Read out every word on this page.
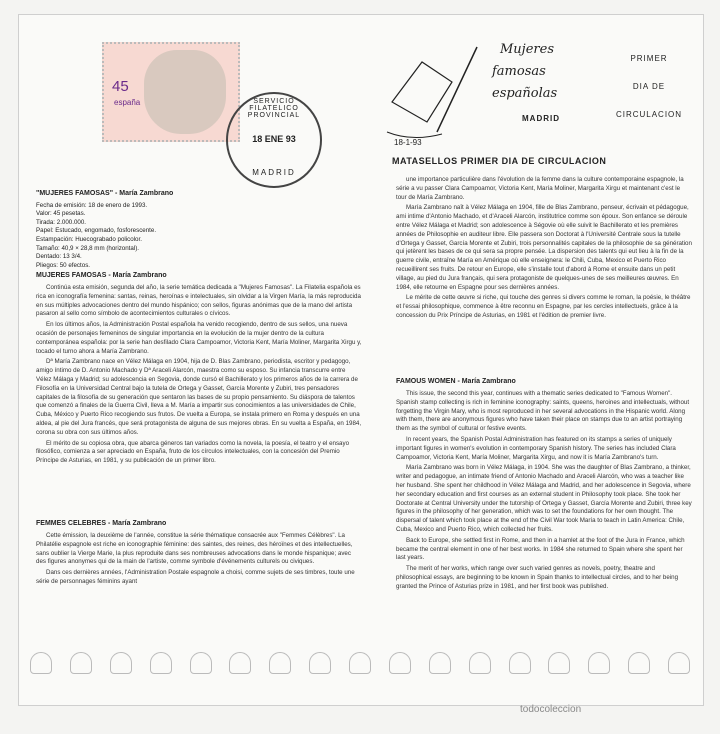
45
españa	SERVICIO FILATELICO PROVINCIAL
18 ENE 93
MADRID
Mujeres
famosas
españolas
MADRID
18-1-93
PRIMER
DIA DE
CIRCULACION
MATASELLOS PRIMER DIA DE CIRCULACION
"MUJERES FAMOSAS" - María Zambrano
Fecha de emisión: 18 de enero de 1993.
Valor: 45 pesetas.
Tirada: 2.000.000.
Papel: Estucado, engomado, fosforescente.
Estampación: Huecograbado policolor.
Tamaño: 40,9 × 28,8 mm (horizontal).
Dentado: 13 3/4.
Pliegos: 50 efectos.
MUJERES FAMOSAS - María Zambrano

Continúa esta emisión, segunda del año, la serie temática dedicada a "Mujeres Famosas". La Filatelia española es rica en iconografía femenina: santas, reinas, heroínas e intelectuales, sin olvidar a la Virgen María, la más reproducida en sus múltiples advocaciones dentro del mundo hispánico; con sellos, figuras anónimas que de la mano del artista pasaron al sello como símbolo de acontecimientos culturales o cívicos.

En los últimos años, la Administración Postal española ha venido recogiendo, dentro de sus sellos, una nueva ocasión de personajes femeninos de singular importancia en la evolución de la mujer dentro de la cultura contemporánea española: por la serie han desfilado Clara Campoamor, Victoria Kent, María Moliner, Margarita Xirgu y, tocado el turno ahora a María Zambrano.

Dª María Zambrano nace en Vélez Málaga en 1904, hija de D. Blas Zambrano, periodista, escritor y pedagogo, amigo íntimo de D. Antonio Machado y Dª Araceli Alarcón, maestra como su esposo. Su infancia transcurre entre Vélez Málaga y Madrid; su adolescencia en Segovia, donde cursó el Bachillerato y los primeros años de la carrera de Filosofía en la Universidad Central bajo la tutela de Ortega y Gasset, García Morente y Zubiri, tres pensadores capitales de la filosofía de su generación que sentaron las bases de su propio pensamiento. Su diáspora de talentos que comenzó a finales de la Guerra Civil, lleva a M. María a impartir sus conocimientos a las universidades de Chile, Cuba, México y Puerto Rico recogiendo sus frutos. De vuelta a Europa, se instala primero en Roma y después en una aldea, al pie del Jura francés, que será protagonista de alguna de sus mejores obras. En su vuelta a España, en 1984, corona su obra con sus últimos años.

El mérito de su copiosa obra, que abarca géneros tan variados como la novela, la poesía, el teatro y el ensayo filosófico, comienza a ser apreciado en España, fruto de los círculos intelectuales, con la concesión del Premio Príncipe de Asturias, en 1981, y su publicación de un primer libro.

FEMMES CELEBRES - María Zambrano

Cette émission, la deuxième de l'année, constitue la série thématique consacrée aux "Femmes Célèbres". La Philatélie espagnole est riche en iconographie féminine: des saintes, des reines, des héroïnes et des intellectuelles, sans oublier la Vierge Marie, la plus reproduite dans ses nombreuses advocations dans le monde hispanique; avec des figures anonymes qui de la main de l'artiste, comme symbole d'événements culturels ou civiques.

Dans ces dernières années, l'Administration Postale espagnole a choisi, comme sujets de ses timbres, toute une série de personnages féminins ayant

une importance particulière dans l'évolution de la femme dans la culture contemporaine espagnole, la série a vu passer Clara Campoamor, Victoria Kent, María Moliner, Margarita Xirgu et maintenant c'est le tour de María Zambrano.

María Zambrano naît à Vélez Málaga en 1904, fille de Blas Zambrano, penseur, écrivain et pédagogue, ami intime d'Antonio Machado, et d'Araceli Alarcón, institutrice comme son époux. Son enfance se déroule entre Vélez Málaga et Madrid; son adolescence à Ségovie où elle suivit le Bachillerato et les premières années de Philosophie en auditeur libre. Elle passera son Doctorat à l'Université Centrale sous la tutelle d'Ortega y Gasset, García Morente et Zubiri, trois personnalités capitales de la philosophie de sa génération qui jetèrent les bases de ce qui sera sa propre pensée. La dispersion des talents qui eut lieu à la fin de la guerre civile, entraîne María en Amérique où elle enseignera: le Chili, Cuba, Mexico et Puerto Rico recueillirent ses fruits. De retour en Europe, elle s'installe tout d'abord à Rome et ensuite dans un petit village, au pied du Jura français, qui sera protagoniste de quelques-unes de ses meilleures œuvres. En 1984, elle retourne en Espagne pour ses dernières années.

Le mérite de cette œuvre si riche, qui touche des genres si divers comme le roman, la poésie, le théâtre et l'essai philosophique, commence à être reconnu en Espagne, par les cercles intellectuels, grâce à la concession du Prix Príncipe de Asturias, en 1981 et l'édition de premier livre.

FAMOUS WOMEN - María Zambrano

This issue, the second this year, continues with a thematic series dedicated to "Famous Women". Spanish stamp collecting is rich in feminine iconography: saints, queens, heroines and intellectuals, without forgetting the Virgin Mary, who is most reproduced in her several advocations in the Hispanic world. Along with them, there are anonymous figures who have taken their place on stamps due to an artist portraying them as the symbol of cultural or festive events.

In recent years, the Spanish Postal Administration has featured on its stamps a series of uniquely important figures in women's evolution in contemporary Spanish history. The series has included Clara Campoamor, Victoria Kent, María Moliner, Margarita Xirgu, and now it is María Zambrano's turn.

María Zambrano was born in Vélez Málaga, in 1904. She was the daughter of Blas Zambrano, a thinker, writer and pedagogue, an intimate friend of Antonio Machado and Araceli Alarcón, who was a teacher like her husband. She spent her childhood in Vélez Málaga and Madrid, and her adolescence in Segovia, where her secondary education and first courses as an external student in Philosophy took place. She took her Doctorate at Central University under the tutorship of Ortega y Gasset, García Morente and Zubiri, three key figures in the philosophy of her generation, which was to set the foundations for her own thought. The dispersal of talent which took place at the end of the Civil War took María to teach in Latin America: Chile, Cuba, Mexico and Puerto Rico, which collected her fruits.

Back to Europe, she settled first in Rome, and then in a hamlet at the foot of the Jura in France, which became the central element in one of her best works. In 1984 she returned to Spain where she spent her last years.

The merit of her works, which range over such varied genres as novels, poetry, theatre and philosophical essays, are beginning to be known in Spain thanks to intellectual circles, and to her being granted the Prince of Asturias prize in 1981, and her first book was published.

todocoleccion
